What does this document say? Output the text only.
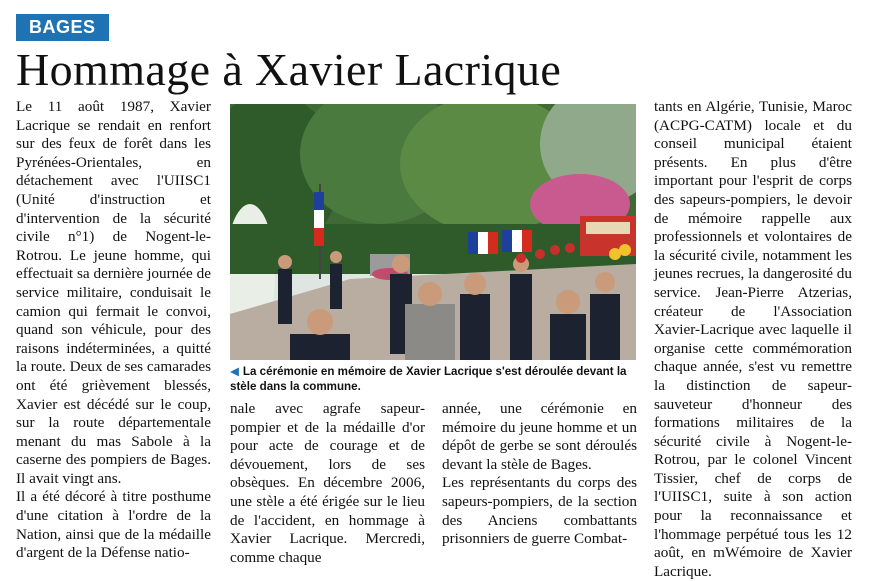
BAGES
Hommage à Xavier Lacrique

Le 11 août 1987, Xavier Lacrique se rendait en renfort sur des feux de forêt dans les Pyrénées-Orientales, en détachement avec l'UIISC1 (Unité d'instruction et d'intervention de la sécurité civile n°1) de Nogent-le-Rotrou. Le jeune homme, qui effectuait sa dernière journée de service militaire, conduisait le camion qui fermait le convoi, quand son véhicule, pour des raisons indéterminées, a quitté la route. Deux de ses camarades ont été grièvement blessés, Xavier est décédé sur le coup, sur la route départementale menant du mas Sabole à la caserne des pompiers de Bages. Il avait vingt ans.

Il a été décoré à titre posthume d'une citation à l'ordre de la Nation, ainsi que de la médaille d'argent de la Défense natio-

◀ La cérémonie en mémoire de Xavier Lacrique s'est déroulée devant la stèle dans la commune.

nale avec agrafe sapeur-pompier et de la médaille d'or pour acte de courage et de dévouement, lors de ses obsèques. En décembre 2006, une stèle a été érigée sur le lieu de l'accident, en hommage à Xavier Lacrique. Mercredi, comme chaque

année, une cérémonie en mémoire du jeune homme et un dépôt de gerbe se sont déroulés devant la stèle de Bages.

Les représentants du corps des sapeurs-pompiers, de la section des Anciens combattants prisonniers de guerre Combat-

tants en Algérie, Tunisie, Maroc (ACPG-CATM) locale et du conseil municipal étaient présents. En plus d'être important pour l'esprit de corps des sapeurs-pompiers, le devoir de mémoire rappelle aux professionnels et volontaires de la sécurité civile, notamment les jeunes recrues, la dangerosité du service. Jean-Pierre Atzerias, créateur de l'Association Xavier-Lacrique avec laquelle il organise cette commémoration chaque année, s'est vu remettre la distinction de sapeur-sauveteur d'honneur des formations militaires de la sécurité civile à Nogent-le-Rotrou, par le colonel Vincent Tissier, chef de corps de l'UIISC1, suite à son action pour la reconnaissance et l'hommage perpétué tous les 12 août, en mWémoire de Xavier Lacrique.
